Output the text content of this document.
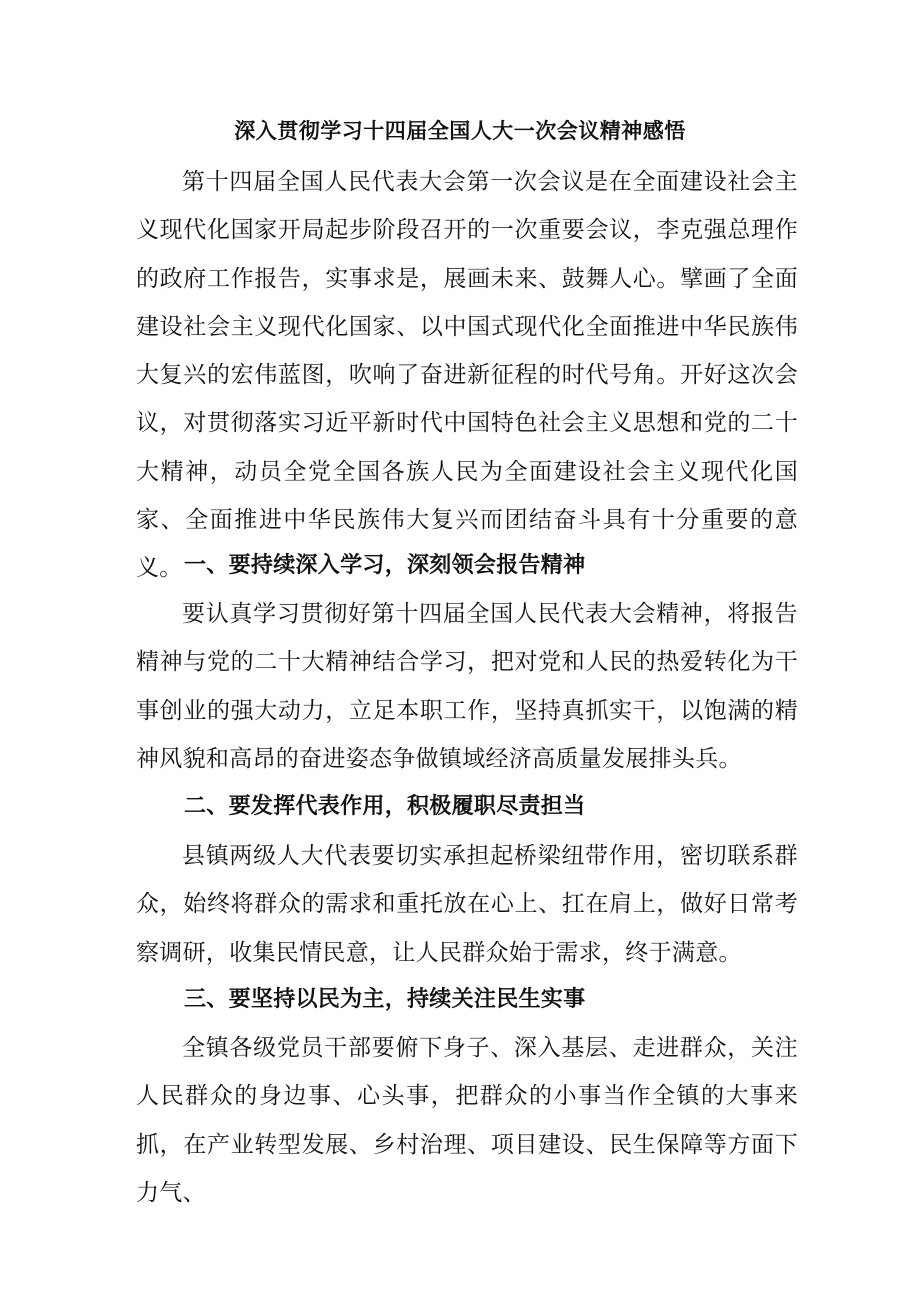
深入贯彻学习十四届全国人大一次会议精神感悟

第十四届全国人民代表大会第一次会议是在全面建设社会主义现代化国家开局起步阶段召开的一次重要会议，李克强总理作的政府工作报告，实事求是，展画未来、鼓舞人心。擘画了全面建设社会主义现代化国家、以中国式现代化全面推进中华民族伟大复兴的宏伟蓝图，吹响了奋进新征程的时代号角。开好这次会议，对贯彻落实习近平新时代中国特色社会主义思想和党的二十大精神，动员全党全国各族人民为全面建设社会主义现代化国家、全面推进中华民族伟大复兴而团结奋斗具有十分重要的意义。 一、要持续深入学习，深刻领会报告精神

要认真学习贯彻好第十四届全国人民代表大会精神，将报告精神与党的二十大精神结合学习，把对党和人民的热爱转化为干事创业的强大动力，立足本职工作，坚持真抓实干，以饱满的精神风貌和高昂的奋进姿态争做镇域经济高质量发展排头兵。

二、要发挥代表作用，积极履职尽责担当

县镇两级人大代表要切实承担起桥梁纽带作用，密切联系群众，始终将群众的需求和重托放在心上、扛在肩上，做好日常考察调研，收集民情民意，让人民群众始于需求，终于满意。

三、要坚持以民为主，持续关注民生实事

全镇各级党员干部要俯下身子、深入基层、走进群众，关注人民群众的身边事、心头事，把群众的小事当作全镇的大事来抓，在产业转型发展、乡村治理、项目建设、民生保障等方面下力气、
